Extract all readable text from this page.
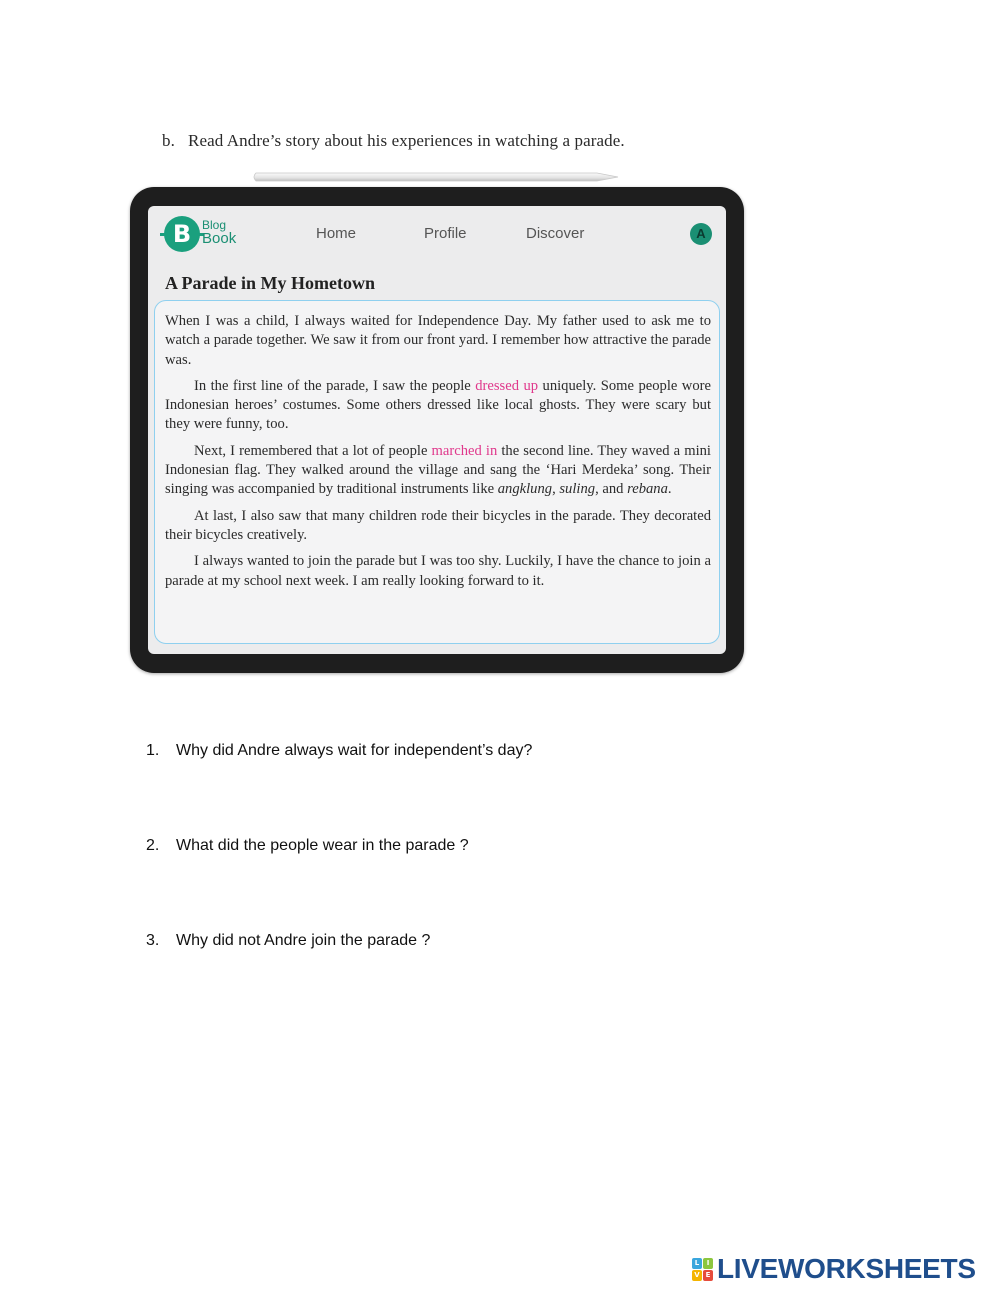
b. Read Andre’s story about his experiences in watching a parade.
B Blog
Book	Home	Profile	Discover	A
A Parade in My Hometown

When I was a child, I always waited for Independence Day. My father used to ask me to watch a parade together. We saw it from our front yard. I remember how attractive the parade was.

In the first line of the parade, I saw the people dressed up uniquely. Some people wore Indonesian heroes’ costumes. Some others dressed like local ghosts. They were scary but they were funny, too.

Next, I remembered that a lot of people marched in the second line. They waved a mini Indonesian flag. They walked around the village and sang the ‘Hari Merdeka’ song. Their singing was accompanied by traditional instruments like angklung, suling, and rebana.

At last, I also saw that many children rode their bicycles in the parade. They decorated their bicycles creatively.

I always wanted to join the parade but I was too shy. Luckily, I have the chance to join a parade at my school next week. I am really looking forward to it.

1. Why did Andre always wait for independent’s day?
2. What did the people wear in the parade ?
3. Why did not Andre join the parade ?
L	I
V E LIVEWORKSHEETS
